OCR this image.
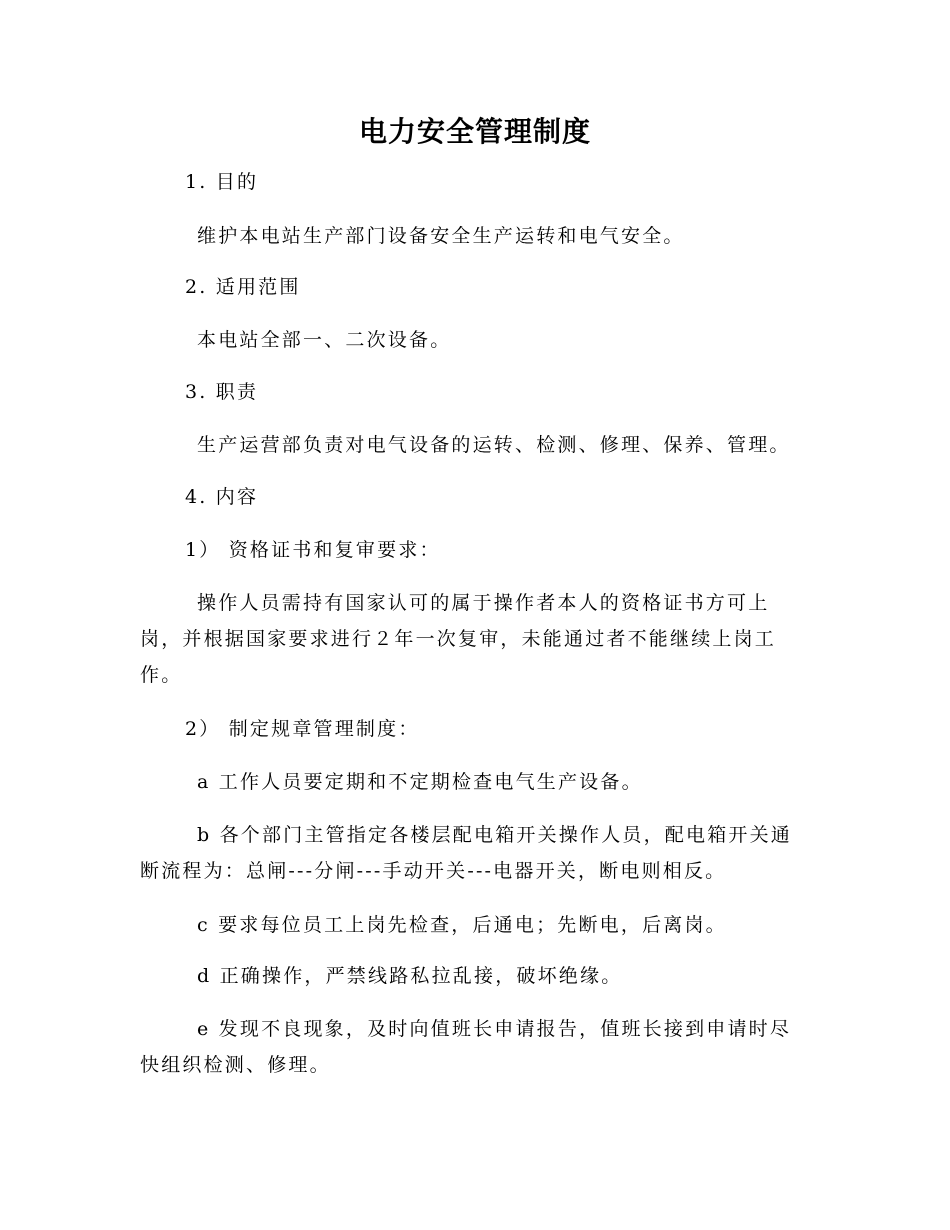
电力安全管理制度
1. 目的
维护本电站生产部门设备安全生产运转和电气安全。
2. 适用范围
本电站全部一、二次设备。
3. 职责
生产运营部负责对电气设备的运转、检测、修理、保养、管理。
4. 内容
1） 资格证书和复审要求：
操作人员需持有国家认可的属于操作者本人的资格证书方可上
岗，并根据国家要求进行２年一次复审，未能通过者不能继续上岗工
作。
2） 制定规章管理制度：
a 工作人员要定期和不定期检查电气生产设备。
b 各个部门主管指定各楼层配电箱开关操作人员，配电箱开关通
断流程为：总闸---分闸---手动开关---电器开关，断电则相反。
c 要求每位员工上岗先检查，后通电；先断电，后离岗。
d 正确操作，严禁线路私拉乱接，破坏绝缘。
e 发现不良现象，及时向值班长申请报告，值班长接到申请时尽
快组织检测、修理。
